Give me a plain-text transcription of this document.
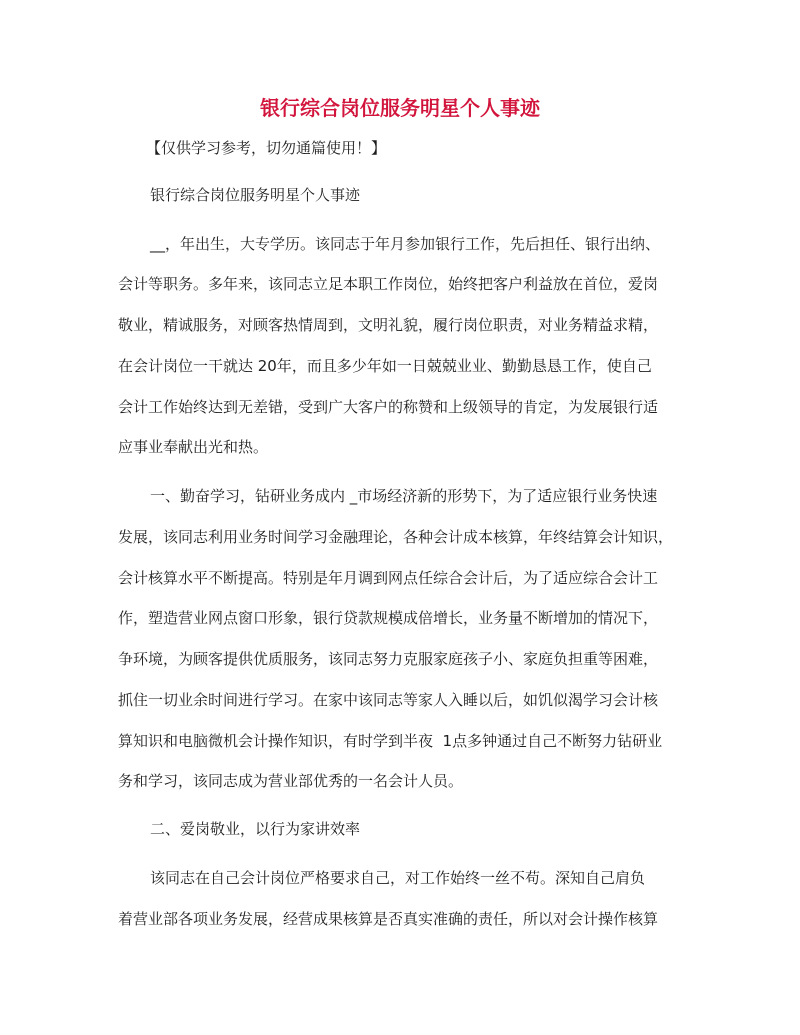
银行综合岗位服务明星个人事迹
【仅供学习参考，切勿通篇使用！】
银行综合岗位服务明星个人事迹
__，年出生，大专学历。该同志于年月参加银行工作，先后担任、银行出纳、
会计等职务。多年来，该同志立足本职工作岗位，始终把客户利益放在首位，爱岗
敬业，精诚服务，对顾客热情周到，文明礼貌，履行岗位职责，对业务精益求精，
在会计岗位一干就达 20年，而且多少年如一日兢兢业业、勤勤恳恳工作，使自己
会计工作始终达到无差错，受到广大客户的称赞和上级领导的肯定，为发展银行适
应事业奉献出光和热。
一、勤奋学习，钻研业务成内 _市场经济新的形势下，为了适应银行业务快速
发展，该同志利用业务时间学习金融理论，各种会计成本核算，年终结算会计知识，
会计核算水平不断提高。特别是年月调到网点任综合会计后，为了适应综合会计工
作，塑造营业网点窗口形象，银行贷款规模成倍增长，业务量不断增加的情况下，
争环境，为顾客提供优质服务，该同志努力克服家庭孩子小、家庭负担重等困难，
抓住一切业余时间进行学习。在家中该同志等家人入睡以后，如饥似渴学习会计核
算知识和电脑微机会计操作知识，有时学到半夜  1点多钟通过自己不断努力钻研业
务和学习，该同志成为营业部优秀的一名会计人员。
二、爱岗敬业，以行为家讲效率
该同志在自己会计岗位严格要求自己，对工作始终一丝不苟。深知自己肩负
着营业部各项业务发展，经营成果核算是否真实准确的责任，所以对会计操作核算
